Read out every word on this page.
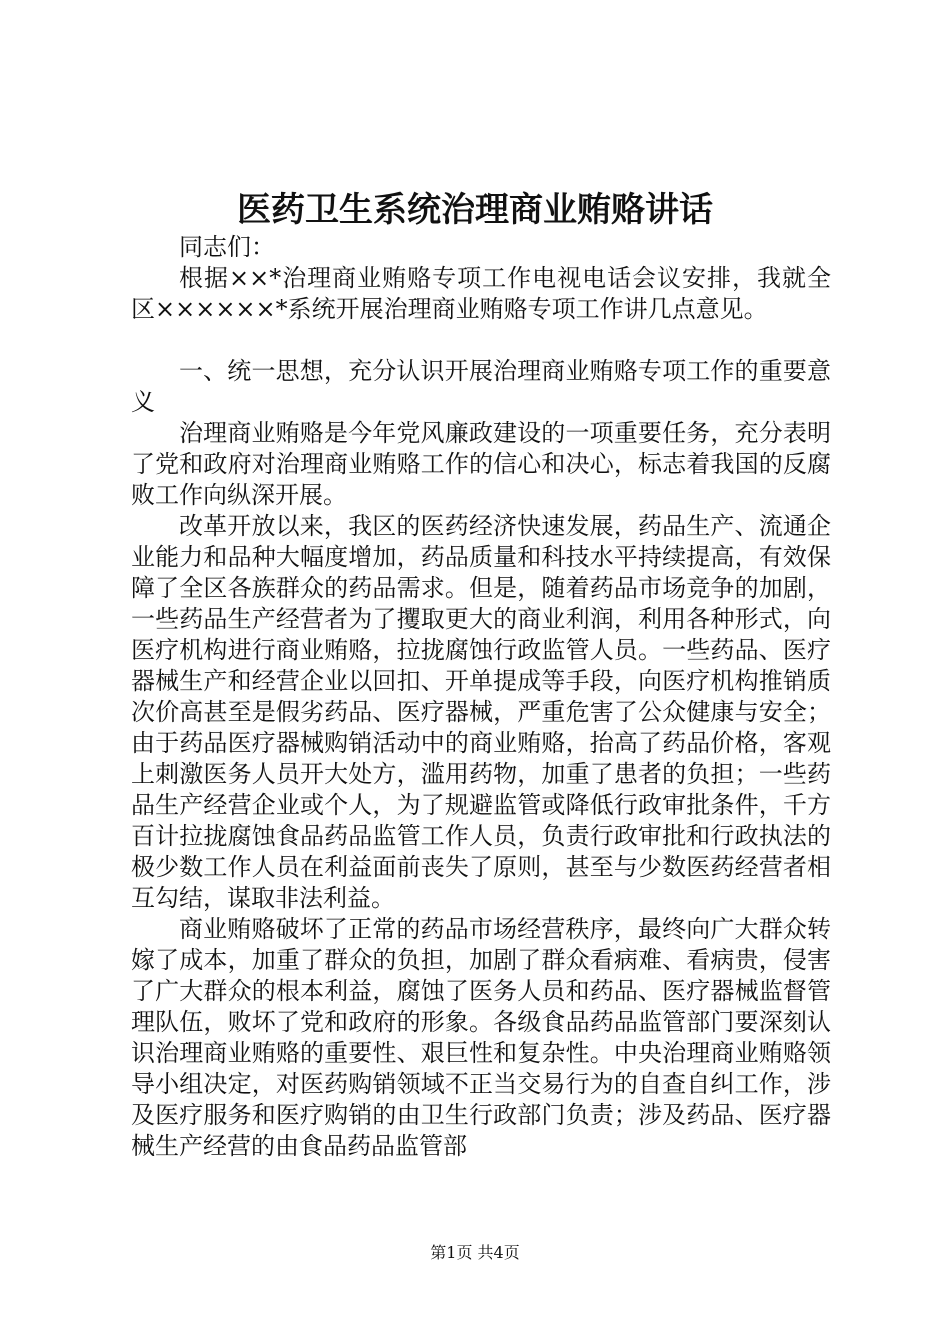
医药卫生系统治理商业贿赂讲话

同志们：

根据××*治理商业贿赂专项工作电视电话会议安排，我就全区××××××*系统开展治理商业贿赂专项工作讲几点意见。

一、统一思想，充分认识开展治理商业贿赂专项工作的重要意义

治理商业贿赂是今年党风廉政建设的一项重要任务，充分表明了党和政府对治理商业贿赂工作的信心和决心，标志着我国的反腐败工作向纵深开展。

改革开放以来，我区的医药经济快速发展，药品生产、流通企业能力和品种大幅度增加，药品质量和科技水平持续提高，有效保障了全区各族群众的药品需求。但是，随着药品市场竞争的加剧，一些药品生产经营者为了攫取更大的商业利润，利用各种形式，向医疗机构进行商业贿赂，拉拢腐蚀行政监管人员。一些药品、医疗器械生产和经营企业以回扣、开单提成等手段，向医疗机构推销质次价高甚至是假劣药品、医疗器械，严重危害了公众健康与安全；由于药品医疗器械购销活动中的商业贿赂，抬高了药品价格，客观上刺激医务人员开大处方，滥用药物，加重了患者的负担；一些药品生产经营企业或个人，为了规避监管或降低行政审批条件，千方百计拉拢腐蚀食品药品监管工作人员，负责行政审批和行政执法的极少数工作人员在利益面前丧失了原则，甚至与少数医药经营者相互勾结，谋取非法利益。

商业贿赂破坏了正常的药品市场经营秩序，最终向广大群众转嫁了成本，加重了群众的负担，加剧了群众看病难、看病贵，侵害了广大群众的根本利益，腐蚀了医务人员和药品、医疗器械监督管理队伍，败坏了党和政府的形象。各级食品药品监管部门要深刻认识治理商业贿赂的重要性、艰巨性和复杂性。中央治理商业贿赂领导小组决定，对医药购销领域不正当交易行为的自查自纠工作，涉及医疗服务和医疗购销的由卫生行政部门负责；涉及药品、医疗器械生产经营的由食品药品监管部

第1页 共4页
